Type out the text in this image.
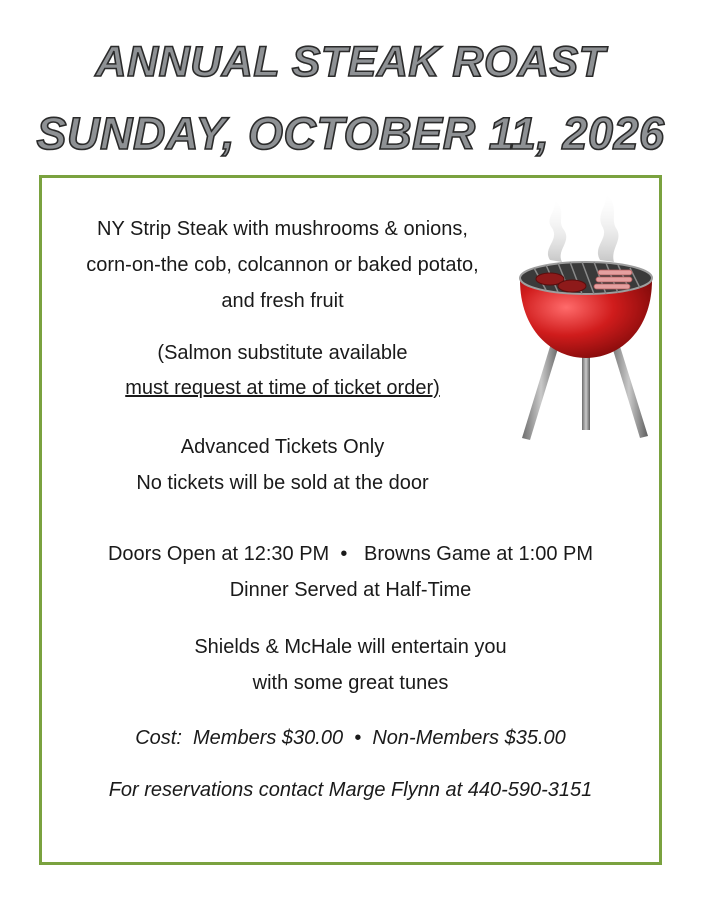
ANNUAL STEAK ROAST
SUNDAY, OCTOBER 11, 2026
NY Strip Steak with mushrooms & onions,
corn-on-the cob, colcannon or baked potato,
and fresh fruit
(Salmon substitute available
must request at time of ticket order)
Advanced Tickets Only
No tickets will be sold at the door
Doors Open at 12:30 PM • Browns Game at 1:00 PM
Dinner Served at Half-Time
Shields & McHale will entertain you
with some great tunes
Cost: Members $30.00 • Non-Members $35.00
For reservations contact Marge Flynn at 440-590-3151
